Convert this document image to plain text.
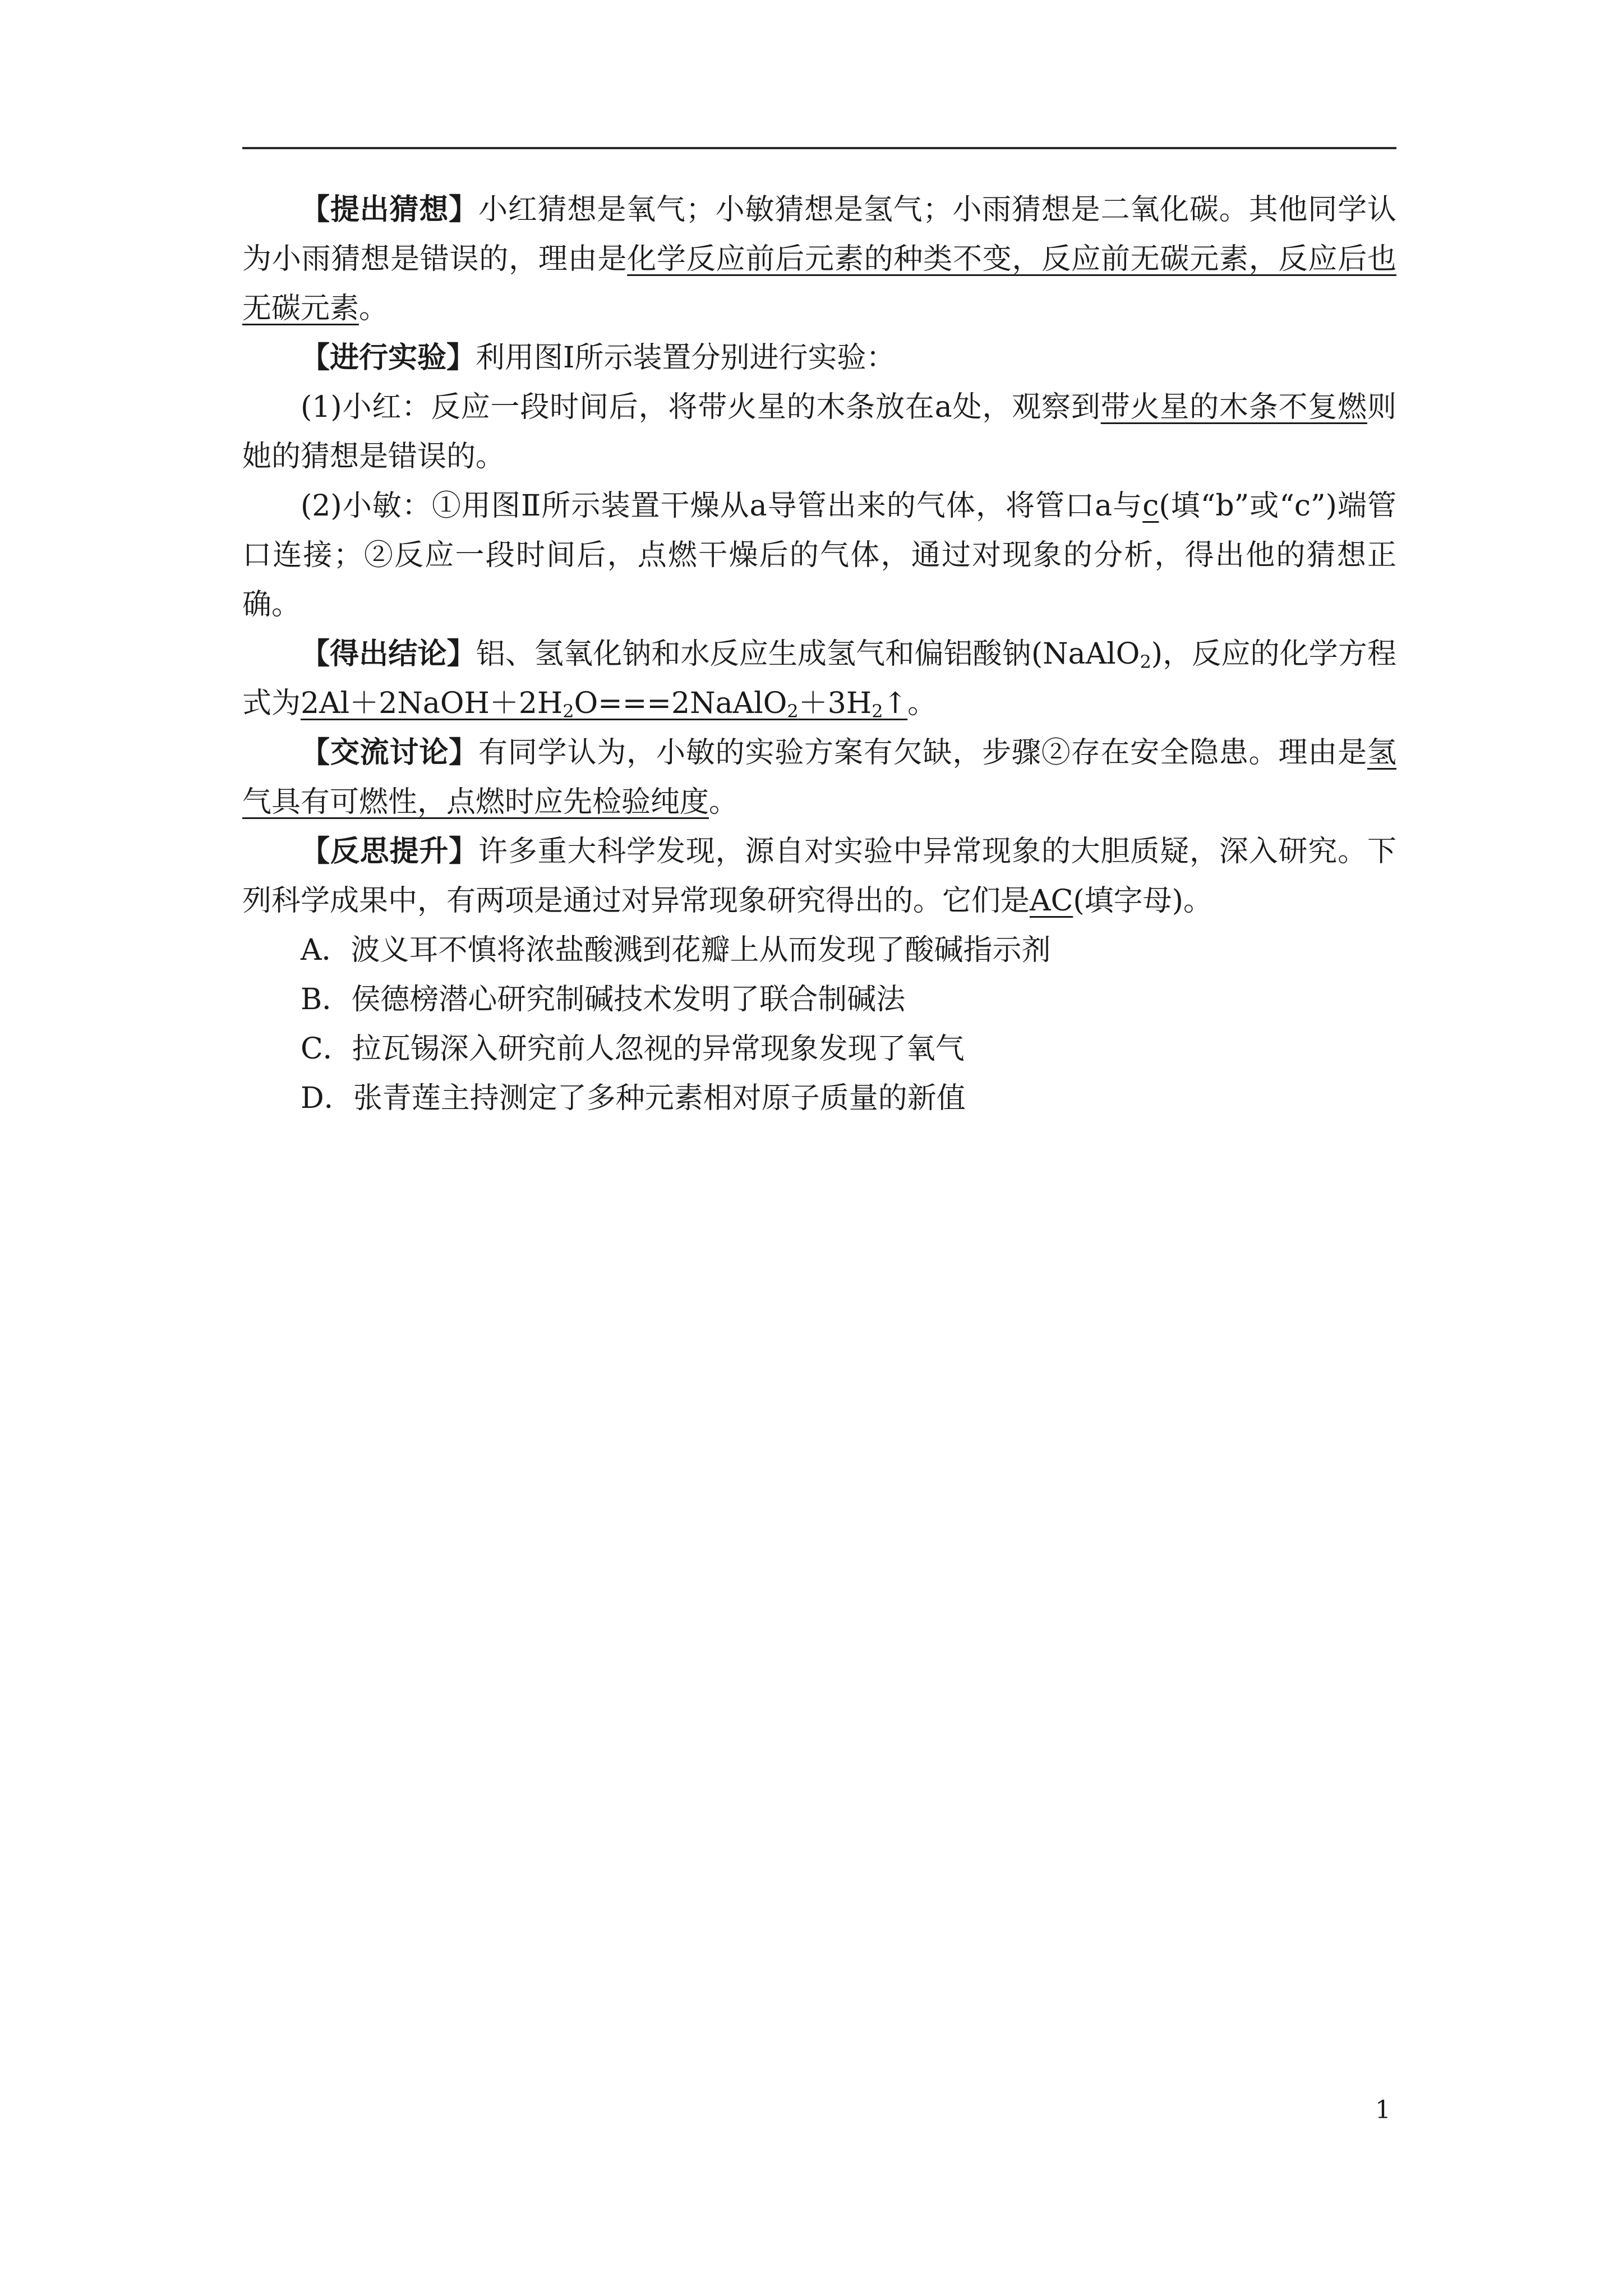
【提出猜想】小红猜想是氧气；小敏猜想是氢气；小雨猜想是二氧化碳。其他同学认为小雨猜想是错误的，理由是化学反应前后元素的种类不变，反应前无碳元素，反应后也无碳元素。

【进行实验】利用图Ⅰ所示装置分别进行实验：

(1)小红：反应一段时间后，将带火星的木条放在a处，观察到带火星的木条不复燃则她的猜想是错误的。

(2)小敏：①用图Ⅱ所示装置干燥从a导管出来的气体，将管口a与c(填“b”或“c”)端管口连接；②反应一段时间后，点燃干燥后的气体，通过对现象的分析，得出他的猜想正确。

【得出结论】铝、氢氧化钠和水反应生成氢气和偏铝酸钠(NaAlO$_2$)，反应的化学方程式为$2Al+2NaOH+2H_2O===2NaAlO_2+3H_2↑$。

【交流讨论】有同学认为，小敏的实验方案有欠缺，步骤②存在安全隐患。理由是氢气具有可燃性，点燃时应先检验纯度。

【反思提升】许多重大科学发现，源自对实验中异常现象的大胆质疑，深入研究。下列科学成果中，有两项是通过对异常现象研究得出的。它们是AC(填字母)。

A．波义耳不慎将浓盐酸溅到花瓣上从而发现了酸碱指示剂

B．侯德榜潜心研究制碱技术发明了联合制碱法

C．拉瓦锡深入研究前人忽视的异常现象发现了氧气

D．张青莲主持测定了多种元素相对原子质量的新值

1
